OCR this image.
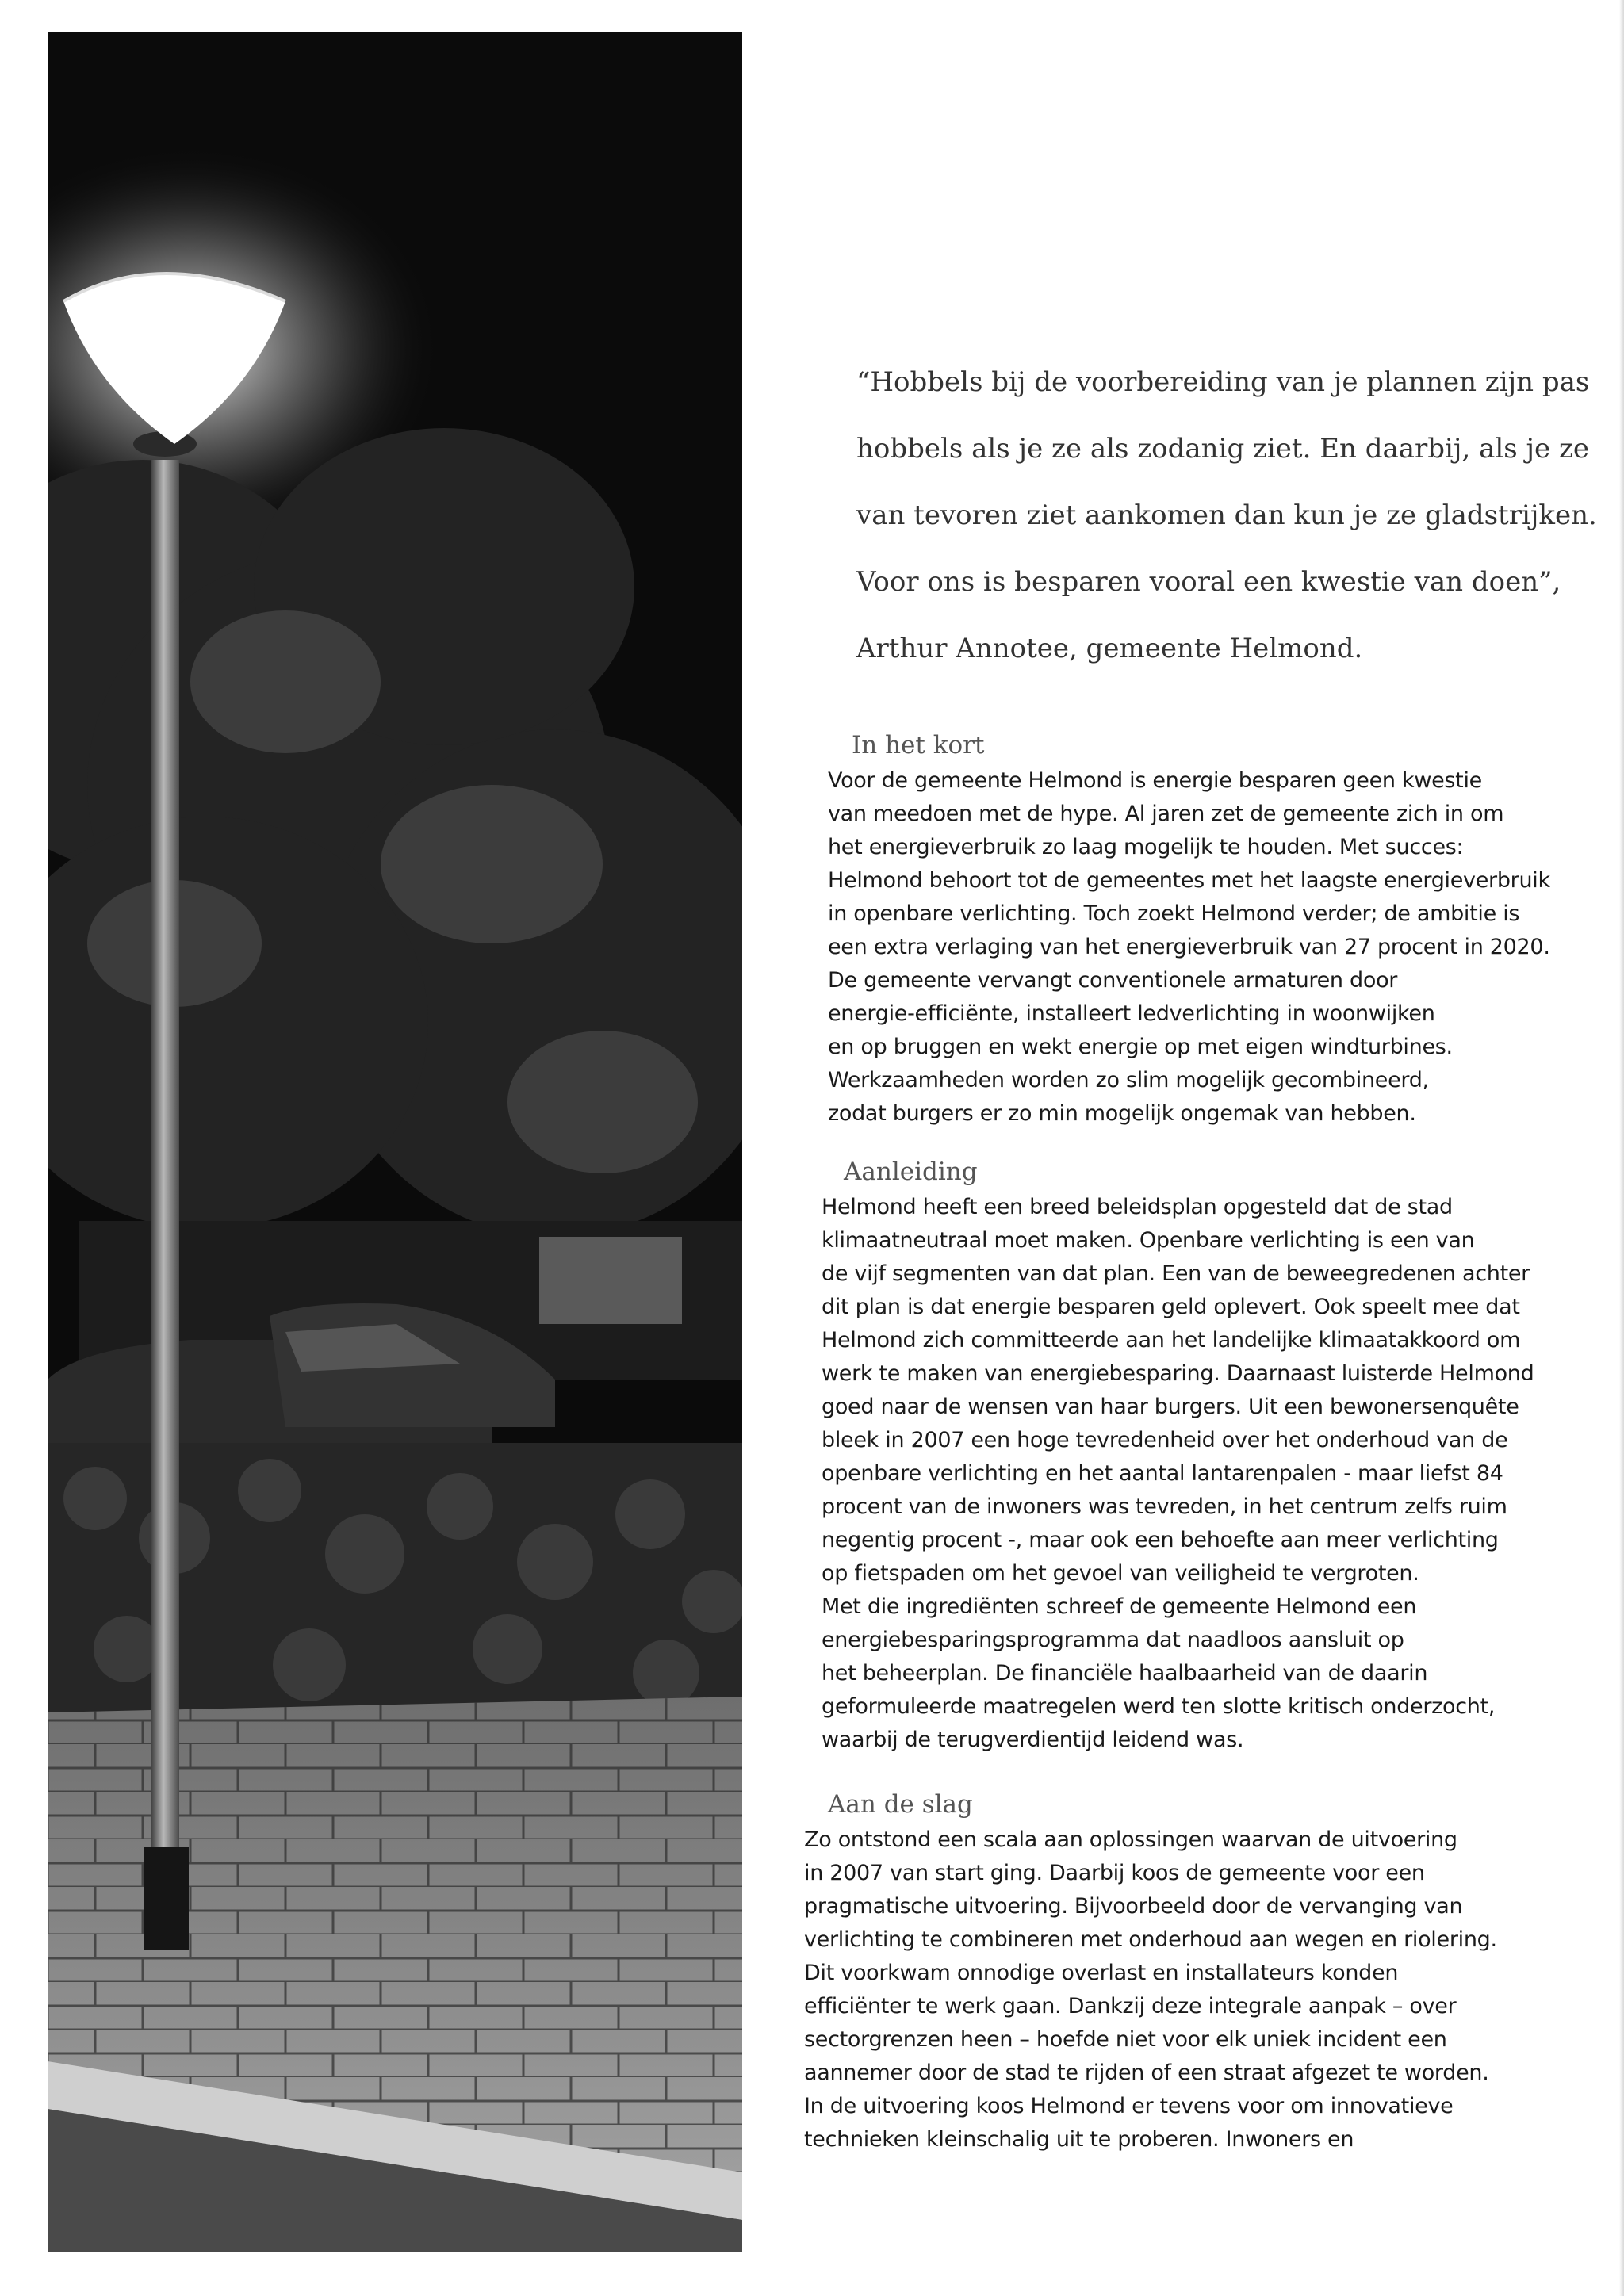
“Hobbels bij de voorbereiding van je plannen zijn pas

hobbels als je ze als zodanig ziet. En daarbij, als je ze

van tevoren ziet aankomen dan kun je ze gladstrijken.

Voor ons is besparen vooral een kwestie van doen”,

Arthur Annotee, gemeente Helmond.

In het kort
Voor de gemeente Helmond is energie besparen geen kwestie
van meedoen met de hype. Al jaren zet de gemeente zich in om
het energieverbruik zo laag mogelijk te houden. Met succes:
Helmond behoort tot de gemeentes met het laagste energieverbruik
in openbare verlichting. Toch zoekt Helmond verder; de ambitie is
een extra verlaging van het energieverbruik van 27 procent in 2020.
De gemeente vervangt conventionele armaturen door
energie-efficiënte, installeert ledverlichting in woonwijken
en op bruggen en wekt energie op met eigen windturbines.
Werkzaamheden worden zo slim mogelijk gecombineerd,
zodat burgers er zo min mogelijk ongemak van hebben.
Aanleiding
Helmond heeft een breed beleidsplan opgesteld dat de stad
klimaatneutraal moet maken. Openbare verlichting is een van
de vijf segmenten van dat plan. Een van de beweegredenen achter
dit plan is dat energie besparen geld oplevert. Ook speelt mee dat
Helmond zich committeerde aan het landelijke klimaatakkoord om
werk te maken van energiebesparing. Daarnaast luisterde Helmond
goed naar de wensen van haar burgers. Uit een bewonersenquête
bleek in 2007 een hoge tevredenheid over het onderhoud van de
openbare verlichting en het aantal lantarenpalen - maar liefst 84
procent van de inwoners was tevreden, in het centrum zelfs ruim
negentig procent -, maar ook een behoefte aan meer verlichting
op fietspaden om het gevoel van veiligheid te vergroten.
Met die ingrediënten schreef de gemeente Helmond een
energiebesparingsprogramma dat naadloos aansluit op
het beheerplan. De financiële haalbaarheid van de daarin
geformuleerde maatregelen werd ten slotte kritisch onderzocht,
waarbij de terugverdientijd leidend was.
Aan de slag
Zo ontstond een scala aan oplossingen waarvan de uitvoering
in 2007 van start ging. Daarbij koos de gemeente voor een
pragmatische uitvoering. Bijvoorbeeld door de vervanging van
verlichting te combineren met onderhoud aan wegen en riolering.
Dit voorkwam onnodige overlast en installateurs konden
efficiënter te werk gaan. Dankzij deze integrale aanpak – over
sectorgrenzen heen – hoefde niet voor elk uniek incident een
aannemer door de stad te rijden of een straat afgezet te worden.
In de uitvoering koos Helmond er tevens voor om innovatieve
technieken kleinschalig uit te proberen. Inwoners en
